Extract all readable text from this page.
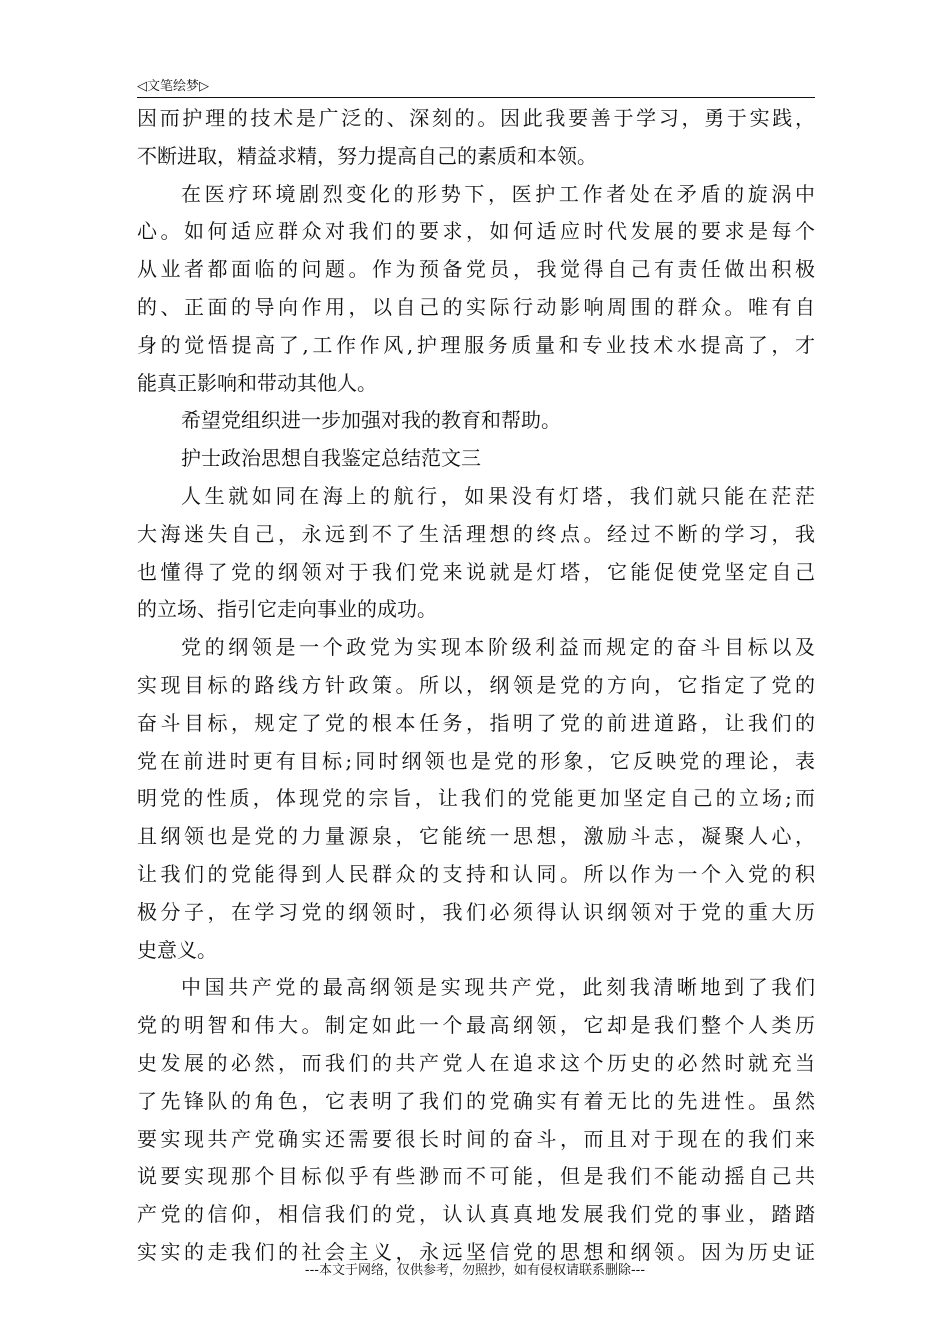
◁文笔绘梦▷
因而护理的技术是广泛的、深刻的。因此我要善于学习，勇于实践，
不断进取，精益求精，努力提高自己的素质和本领。
在医疗环境剧烈变化的形势下，医护工作者处在矛盾的旋涡中
心。如何适应群众对我们的要求，如何适应时代发展的要求是每个
从业者都面临的问题。作为预备党员，我觉得自己有责任做出积极
的、正面的导向作用，以自己的实际行动影响周围的群众。唯有自
身的觉悟提高了,工作作风,护理服务质量和专业技术水提高了，才
能真正影响和带动其他人。
希望党组织进一步加强对我的教育和帮助。
护士政治思想自我鉴定总结范文三
人生就如同在海上的航行，如果没有灯塔，我们就只能在茫茫
大海迷失自己，永远到不了生活理想的终点。经过不断的学习，我
也懂得了党的纲领对于我们党来说就是灯塔，它能促使党坚定自己
的立场、指引它走向事业的成功。
党的纲领是一个政党为实现本阶级利益而规定的奋斗目标以及
实现目标的路线方针政策。所以，纲领是党的方向，它指定了党的
奋斗目标，规定了党的根本任务，指明了党的前进道路，让我们的
党在前进时更有目标;同时纲领也是党的形象，它反映党的理论，表
明党的性质，体现党的宗旨，让我们的党能更加坚定自己的立场;而
且纲领也是党的力量源泉，它能统一思想，激励斗志，凝聚人心，
让我们的党能得到人民群众的支持和认同。所以作为一个入党的积
极分子，在学习党的纲领时，我们必须得认识纲领对于党的重大历
史意义。
中国共产党的最高纲领是实现共产党，此刻我清晰地到了我们
党的明智和伟大。制定如此一个最高纲领，它却是我们整个人类历
史发展的必然，而我们的共产党人在追求这个历史的必然时就充当
了先锋队的角色，它表明了我们的党确实有着无比的先进性。虽然
要实现共产党确实还需要很长时间的奋斗，而且对于现在的我们来
说要实现那个目标似乎有些渺而不可能，但是我们不能动摇自己共
产党的信仰，相信我们的党，认认真真地发展我们党的事业，踏踏
实实的走我们的社会主义，永远坚信党的思想和纲领。因为历史证
---本文于网络，仅供参考，勿照抄，如有侵权请联系删除---
